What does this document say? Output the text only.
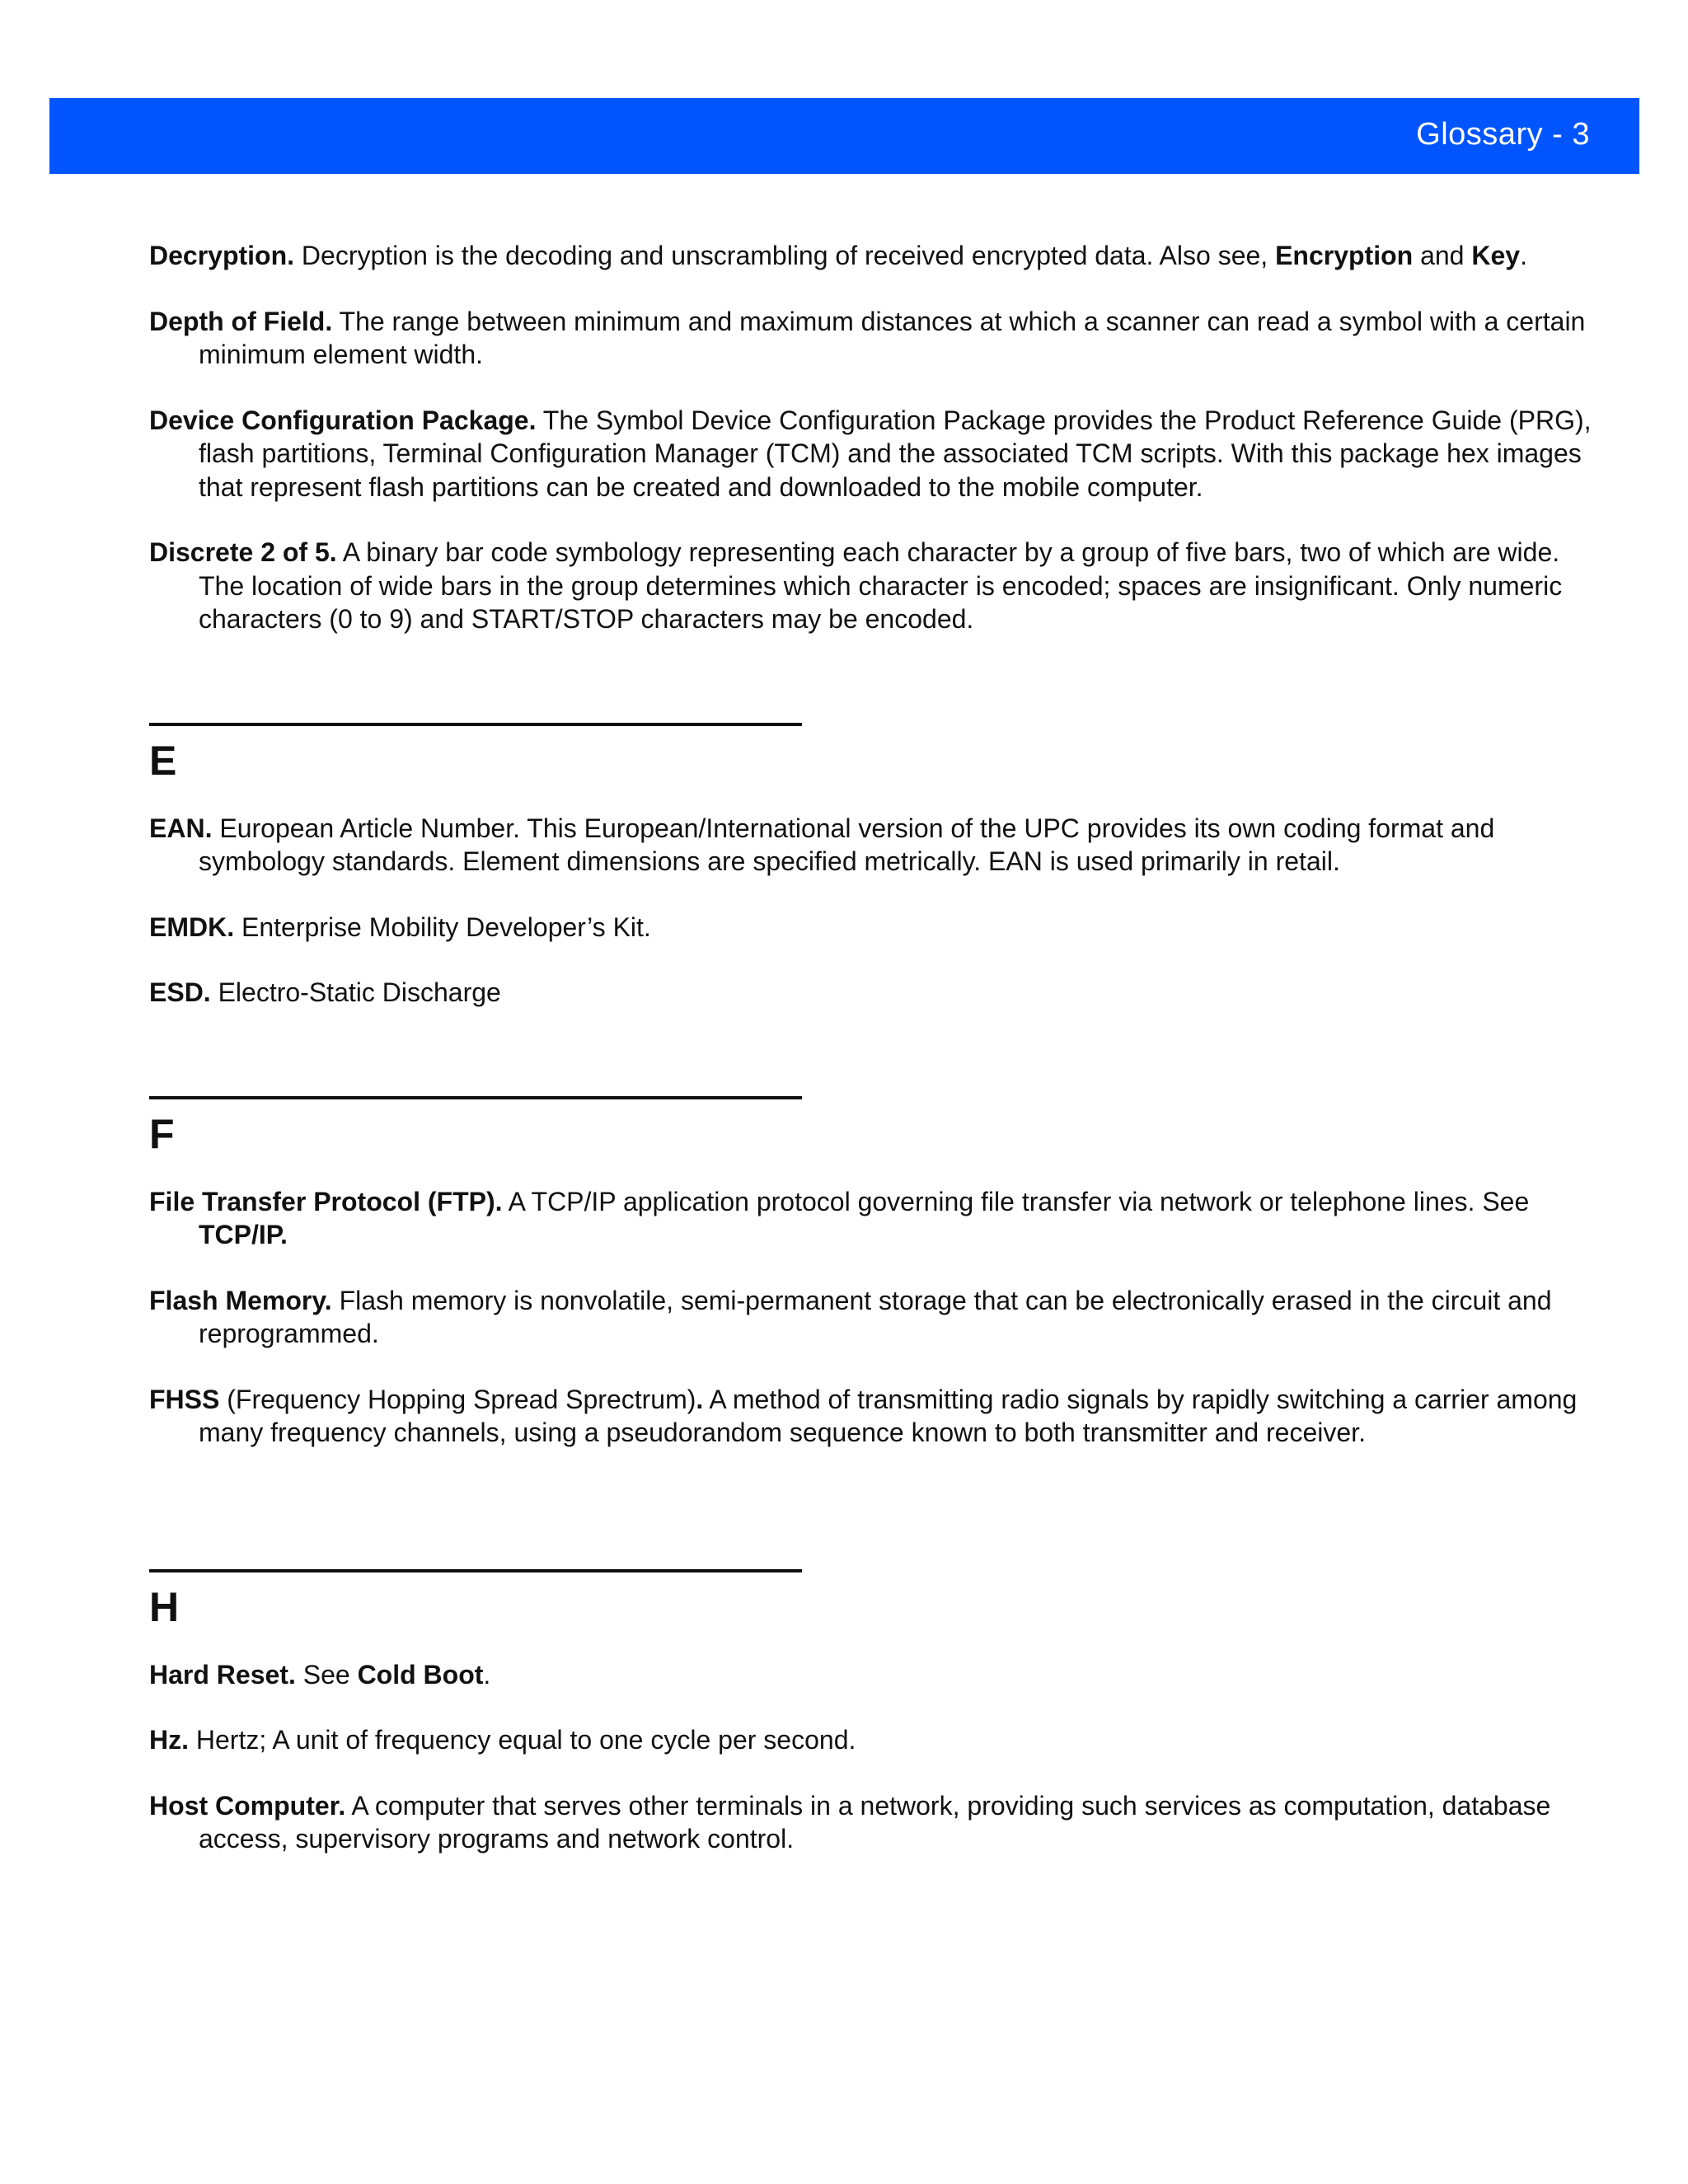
Glossary - 3

Decryption. Decryption is the decoding and unscrambling of received encrypted data. Also see, Encryption and Key.

Depth of Field. The range between minimum and maximum distances at which a scanner can read a symbol with a certain minimum element width.

Device Configuration Package. The Symbol Device Configuration Package provides the Product Reference Guide (PRG), flash partitions, Terminal Configuration Manager (TCM) and the associated TCM scripts. With this package hex images that represent flash partitions can be created and downloaded to the mobile computer.

Discrete 2 of 5. A binary bar code symbology representing each character by a group of five bars, two of which are wide. The location of wide bars in the group determines which character is encoded; spaces are insignificant. Only numeric characters (0 to 9) and START/STOP characters may be encoded.

E

EAN. European Article Number. This European/International version of the UPC provides its own coding format and symbology standards. Element dimensions are specified metrically. EAN is used primarily in retail.

EMDK. Enterprise Mobility Developer’s Kit.

ESD. Electro-Static Discharge

F

File Transfer Protocol (FTP). A TCP/IP application protocol governing file transfer via network or telephone lines. See TCP/IP.

Flash Memory. Flash memory is nonvolatile, semi-permanent storage that can be electronically erased in the circuit and reprogrammed.

FHSS (Frequency Hopping Spread Sprectrum). A method of transmitting radio signals by rapidly switching a carrier among many frequency channels, using a pseudorandom sequence known to both transmitter and receiver.

H

Hard Reset. See Cold Boot.

Hz. Hertz; A unit of frequency equal to one cycle per second.

Host Computer. A computer that serves other terminals in a network, providing such services as computation, database access, supervisory programs and network control.
